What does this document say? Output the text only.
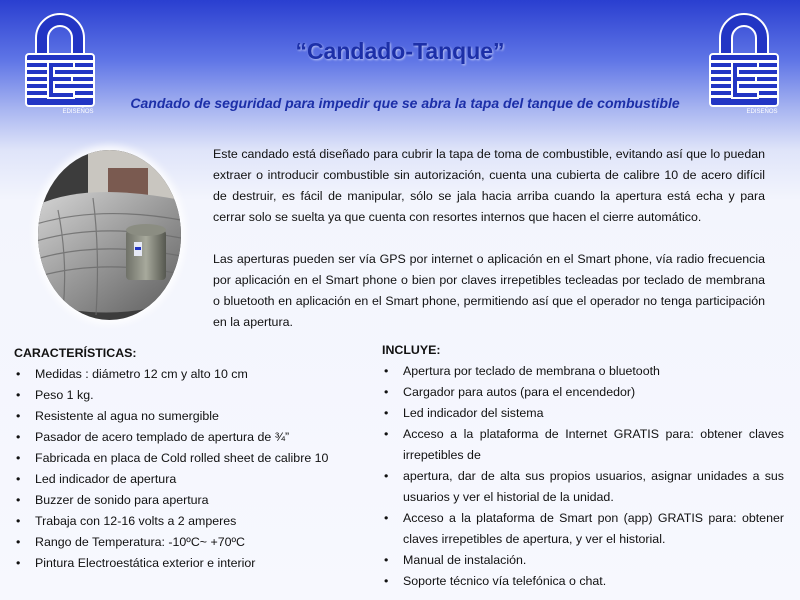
EDISEÑOS	EDISEÑOS
“Candado-Tanque”
Candado de seguridad para impedir que se abra la tapa del tanque de combustible

Este candado está diseñado para cubrir la tapa de toma de combustible, evitando así que lo puedan extraer o introducir combustible sin autorización, cuenta una cubierta de calibre 10 de acero difícil de destruir, es fácil de manipular, sólo se jala hacia arriba cuando la apertura está echa y para cerrar solo se suelta ya que cuenta con resortes internos que hacen el cierre automático.

Las aperturas pueden ser vía GPS por internet o aplicación en el Smart phone, vía radio frecuencia por aplicación en el Smart phone o bien por claves irrepetibles tecleadas por teclado de membrana o bluetooth en aplicación en el Smart phone, permitiendo así que el operador no tenga participación en la apertura.

CARACTERÍSTICAS:
• Medidas : diámetro 12 cm y alto 10 cm
• Peso 1 kg.
• Resistente al agua no sumergible
• Pasador de acero templado de apertura de ¾”
• Fabricada en placa de Cold rolled sheet de calibre 10
• Led indicador de apertura
• Buzzer de sonido para apertura
• Trabaja con 12-16 volts a 2 amperes
• Rango de Temperatura: -10ºC~ +70ºC
• Pintura Electroestática exterior e interior
INCLUYE:
• Apertura por teclado de membrana o bluetooth
• Cargador para autos (para el encendedor)
• Led indicador del sistema
• Acceso a la plataforma de Internet GRATIS para: obtener claves irrepetibles de
• apertura, dar de alta sus propios usuarios, asignar unidades a sus usuarios y ver el historial de la unidad.
• Acceso a la plataforma de Smart pon (app) GRATIS para: obtener claves irrepetibles de apertura, y ver el historial.
• Manual de instalación.
• Soporte técnico vía telefónica o chat.
